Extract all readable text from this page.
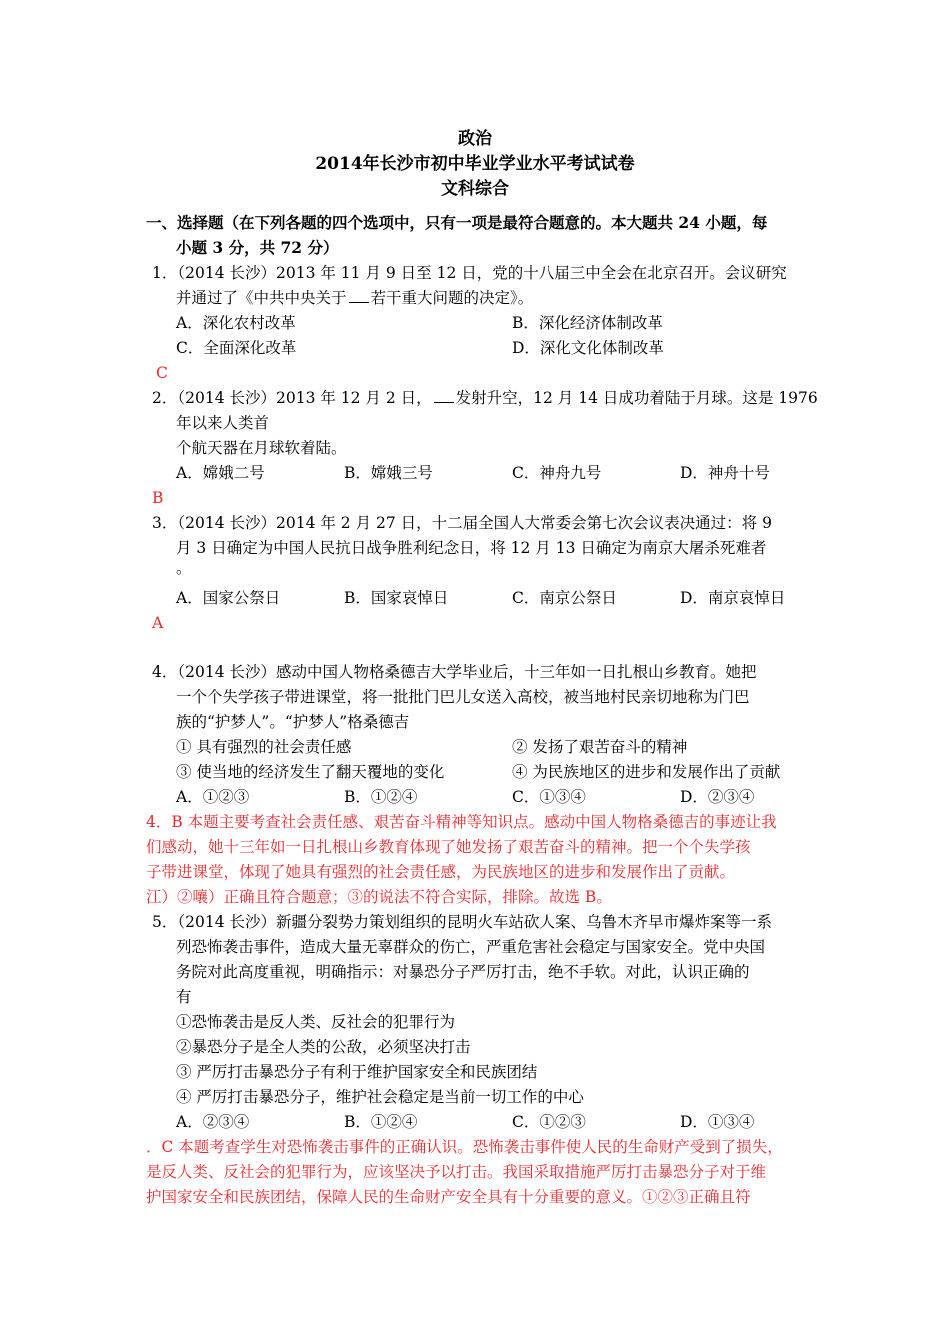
政治
2014年长沙市初中毕业学业水平考试试卷
文科综合
一、选择题（在下列各题的四个选项中，只有一项是最符合题意的。本大题共 24 小题，每
小题 3 分，共 72 分）
1．（2014 长沙）2013 年 11 月 9 日至 12 日，党的十八届三中全会在北京召开。会议研究
并通过了《中共中央关于 若干重大问题的决定》。
A．深化农村改革	B．深化经济体制改革
C．全面深化改革	D．深化文化体制改革
C
2．（2014 长沙）2013 年 12 月 2 日， 发射升空，12 月 14 日成功着陆于月球。这是 1976
年以来人类首
个航天器在月球软着陆。
A．嫦娥二号	B．嫦娥三号	C．神舟九号	D．神舟十号
B
3．（2014 长沙）2014 年 2 月 27 日，十二届全国人大常委会第七次会议表决通过：将 9
月 3 日确定为中国人民抗日战争胜利纪念日，将 12 月 13 日确定为南京大屠杀死难者
。
A．国家公祭日	B．国家哀悼日	C．南京公祭日	D．南京哀悼日
A
4．（2014 长沙）感动中国人物格桑德吉大学毕业后，十三年如一日扎根山乡教育。她把
一个个失学孩子带进课堂，将一批批门巴儿女送入高校，被当地村民亲切地称为门巴
族的“护梦人”。“护梦人”格桑德吉
① 具有强烈的社会责任感	② 发扬了艰苦奋斗的精神
③ 使当地的经济发生了翻天覆地的变化	④ 为民族地区的进步和发展作出了贡献
A．①②③	B．①②④	C．①③④	D．②③④
4．B 本题主要考查社会责任感、艰苦奋斗精神等知识点。感动中国人物格桑德吉的事迹让我
们感动，她十三年如一日扎根山乡教育体现了她发扬了艰苦奋斗的精神。把一个个失学孩
子带进课堂，体现了她具有强烈的社会责任感，为民族地区的进步和发展作出了贡献。
江）②嚷）正确且符合题意；③的说法不符合实际，排除。故选 B。
5．（2014 长沙）新疆分裂势力策划组织的昆明火车站砍人案、乌鲁木齐早市爆炸案等一系
列恐怖袭击事件，造成大量无辜群众的伤亡，严重危害社会稳定与国家安全。党中央国
务院对此高度重视，明确指示：对暴恐分子严厉打击，绝不手软。对此，认识正确的
有
①恐怖袭击是反人类、反社会的犯罪行为
②暴恐分子是全人类的公敌，必须坚决打击
③ 严厉打击暴恐分子有利于维护国家安全和民族团结
④ 严厉打击暴恐分子，维护社会稳定是当前一切工作的中心
A．②③④	B．①②④	C．①②③	D．①③④
．C 本题考查学生对恐怖袭击事件的正确认识。恐怖袭击事件使人民的生命财产受到了损失，
是反人类、反社会的犯罪行为，应该坚决予以打击。我国采取措施严厉打击暴恐分子对于维
护国家安全和民族团结，保障人民的生命财产安全具有十分重要的意义。①②③正确且符
